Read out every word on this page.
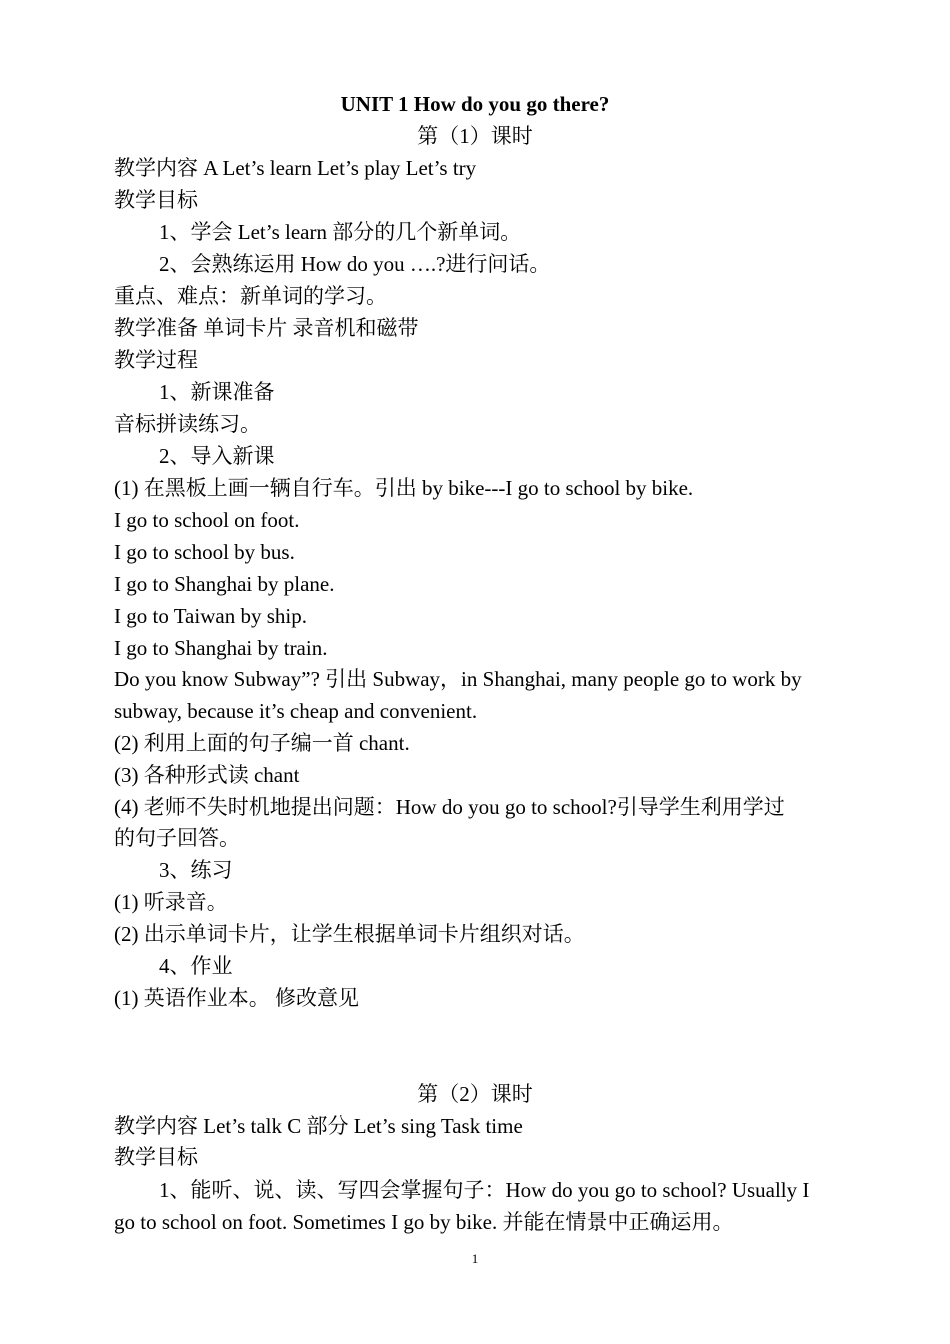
UNIT 1 How do you go there?
第（1）课时
教学内容 A Let’s learn Let’s play Let’s try
教学目标
1、学会 Let’s learn 部分的几个新单词。
2、会熟练运用 How do you ….?进行问话。
重点、难点：新单词的学习。
教学准备 单词卡片 录音机和磁带
教学过程
1、新课准备
音标拼读练习。
2、导入新课
(1) 在黑板上画一辆自行车。引出 by bike---I go to school by bike.
I go to school on foot.
I go to school by bus.
I go to Shanghai by plane.
I go to Taiwan by ship.
I go to Shanghai by train.
Do you know Subway”? 引出 Subway，in Shanghai, many people go to work by
subway, because it’s cheap and convenient.
(2) 利用上面的句子编一首 chant.
(3) 各种形式读 chant
(4) 老师不失时机地提出问题：How do you go to school?引导学生利用学过
的句子回答。
3、练习
(1) 听录音。
(2) 出示单词卡片，让学生根据单词卡片组织对话。
4、作业
(1) 英语作业本。 修改意见
第（2）课时
教学内容 Let’s talk C 部分 Let’s sing Task time
教学目标
1、能听、说、读、写四会掌握句子：How do you go to school? Usually I
go to school on foot. Sometimes I go by bike. 并能在情景中正确运用。
1
